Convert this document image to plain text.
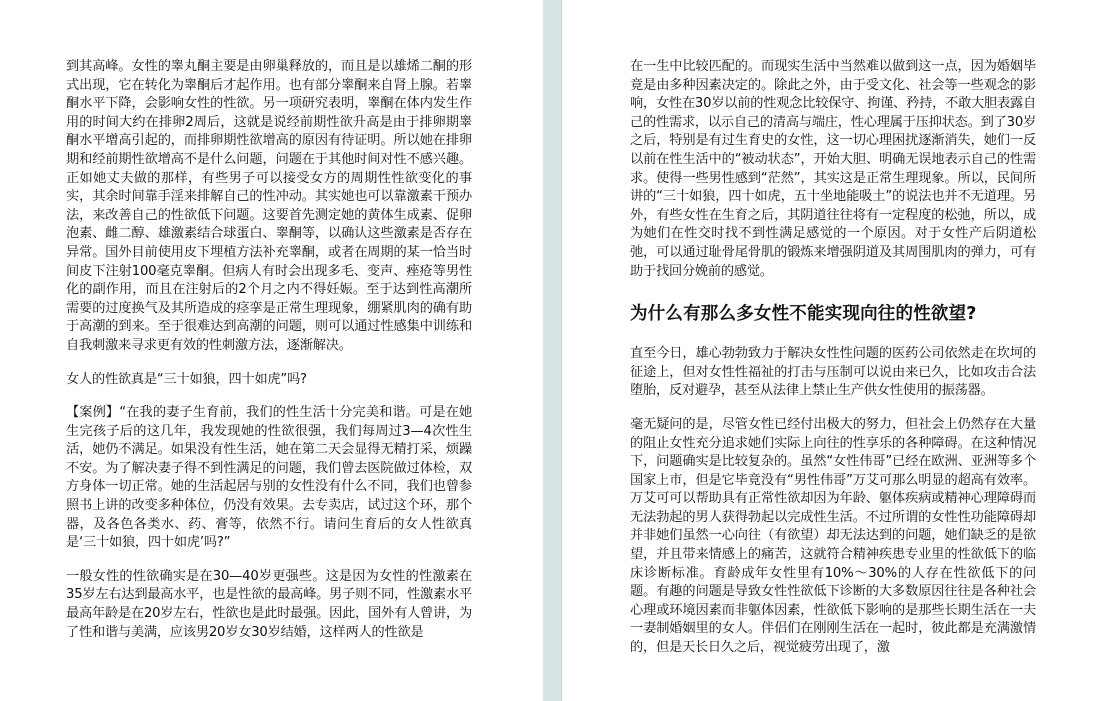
到其高峰。女性的睾丸酮主要是由卵巢释放的，而且是以雄烯二酮的形式出现，它在转化为睾酮后才起作用。也有部分睾酮来自肾上腺。若睾酮水平下降，会影响女性的性欲。另一项研究表明，睾酮在体内发生作用的时间大约在排卵2周后，这就是说经前期性欲升高是由于排卵期睾酮水平增高引起的，而排卵期性欲增高的原因有待证明。所以她在排卵期和经前期性欲增高不是什么问题，问题在于其他时间对性不感兴趣。正如她丈夫做的那样，有些男子可以接受女方的周期性性欲变化的事实，其余时间靠手淫来排解自己的性冲动。其实她也可以靠激素干预办法，来改善自己的性欲低下问题。这要首先测定她的黄体生成素、促卵泡素、雌二醇、雄激素结合球蛋白、睾酮等，以确认这些激素是否存在异常。国外目前使用皮下埋植方法补充睾酮，或者在周期的某一恰当时间皮下注射100毫克睾酮。但病人有时会出现多毛、变声、痤疮等男性化的副作用，而且在注射后的2个月之内不得妊娠。至于达到性高潮所需要的过度换气及其所造成的痉挛是正常生理现象，绷紧肌肉的确有助于高潮的到来。至于很难达到高潮的问题，则可以通过性感集中训练和自我刺激来寻求更有效的性刺激方法，逐渐解决。

女人的性欲真是“三十如狼，四十如虎”吗?

【案例】“在我的妻子生育前，我们的性生活十分完美和谐。可是在她生完孩子后的这几年，我发现她的性欲很强，我们每周过3—4次性生活，她仍不满足。如果没有性生活，她在第二天会显得无精打采，烦躁不安。为了解决妻子得不到性满足的问题，我们曾去医院做过体检，双方身体一切正常。她的生活起居与别的女性没有什么不同，我们也曾参照书上讲的改变多种体位，仍没有效果。去专卖店，试过这个环，那个器，及各色各类水、药、膏等，依然不行。请问生育后的女人性欲真是‘三十如狼，四十如虎’吗?”

一般女性的性欲确实是在30—40岁更强些。这是因为女性的性激素在35岁左右达到最高水平，也是性欲的最高峰。男子则不同，性激素水平最高年龄是在20岁左右，性欲也是此时最强。因此，国外有人曾讲，为了性和谐与美满，应该男20岁女30岁结婚，这样两人的性欲是

在一生中比较匹配的。而现实生活中当然难以做到这一点，因为婚姻毕竟是由多种因素决定的。除此之外，由于受文化、社会等一些观念的影响，女性在30岁以前的性观念比较保守、拘谨、矜持，不敢大胆表露自己的性需求，以示自己的清高与端庄，性心理属于压抑状态。到了30岁之后，特别是有过生育史的女性，这一切心理困扰逐渐消失，她们一反以前在性生活中的“被动状态”，开始大胆、明确无误地表示自己的性需求。使得一些男性感到“茫然”，其实这是正常生理现象。所以，民间所讲的“三十如狼，四十如虎，五十坐地能吸土”的说法也并不无道理。另外，有些女性在生育之后，其阴道往往将有一定程度的松弛，所以，成为她们在性交时找不到性满足感觉的一个原因。对于女性产后阴道松弛，可以通过耻骨尾骨肌的锻炼来增强阴道及其周围肌肉的弹力，可有助于找回分娩前的感觉。

为什么有那么多女性不能实现向往的性欲望?

直至今日，雄心勃勃致力于解决女性性问题的医药公司依然走在坎坷的征途上，但对女性性福祉的打击与压制可以说由来已久，比如攻击合法堕胎，反对避孕，甚至从法律上禁止生产供女性使用的振荡器。

毫无疑问的是，尽管女性已经付出极大的努力，但社会上仍然存在大量的阻止女性充分追求她们实际上向往的性享乐的各种障碍。在这种情况下，问题确实是比较复杂的。虽然“女性伟哥”已经在欧洲、亚洲等多个国家上市，但是它毕竟没有“男性伟哥”万艾可那么明显的超高有效率。万艾可可以帮助具有正常性欲却因为年龄、躯体疾病或精神心理障碍而无法勃起的男人获得勃起以完成性生活。不过所谓的女性性功能障碍却并非她们虽然一心向往（有欲望）却无法达到的问题，她们缺乏的是欲望，并且带来情感上的痛苦，这就符合精神疾患专业里的性欲低下的临床诊断标准。育龄成年女性里有10%～30%的人存在性欲低下的问题。有趣的问题是导致女性性欲低下诊断的大多数原因往往是各种社会心理或环境因素而非躯体因素，性欲低下影响的是那些长期生活在一夫一妻制婚姻里的女人。伴侣们在刚刚生活在一起时，彼此都是充满激情的，但是天长日久之后，视觉疲劳出现了，激
